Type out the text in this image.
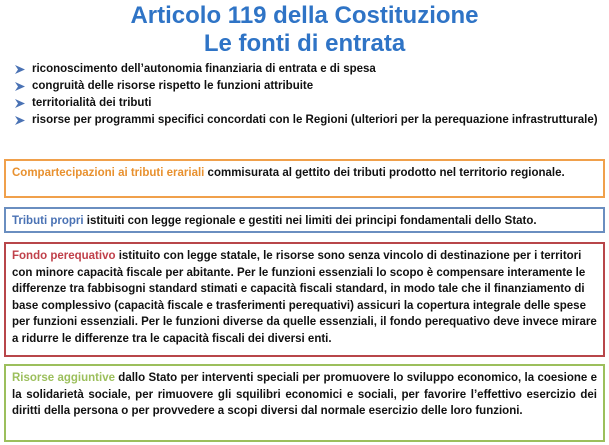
Articolo 119 della Costituzione
Le fonti di entrata
riconoscimento dell’autonomia finanziaria di entrata e di spesa
congruità delle risorse rispetto le funzioni attribuite
territorialità dei tributi
risorse per programmi specifici concordati con le Regioni (ulteriori per la perequazione infrastrutturale)
Compartecipazioni ai tributi erariali commisurata al gettito dei tributi prodotto nel territorio regionale.
Tributi propri istituiti con legge regionale e gestiti nei limiti dei principi fondamentali dello Stato.
Fondo perequativo istituito con legge statale, le risorse sono senza vincolo di destinazione per i territori con minore capacità fiscale per abitante. Per le funzioni essenziali lo scopo è compensare interamente le differenze tra fabbisogni standard stimati e capacità fiscali standard, in modo tale che il finanziamento di base complessivo (capacità fiscale e trasferimenti perequativi) assicuri la copertura integrale delle spese per funzioni essenziali. Per le funzioni diverse da quelle essenziali, il fondo perequativo deve invece mirare a ridurre le differenze tra le capacità fiscali dei diversi enti.
Risorse aggiuntive dallo Stato per interventi speciali per promuovere lo sviluppo economico, la coesione e la solidarietà sociale, per rimuovere gli squilibri economici e sociali, per favorire l’effettivo esercizio dei diritti della persona o per provvedere a scopi diversi dal normale esercizio delle loro funzioni.
